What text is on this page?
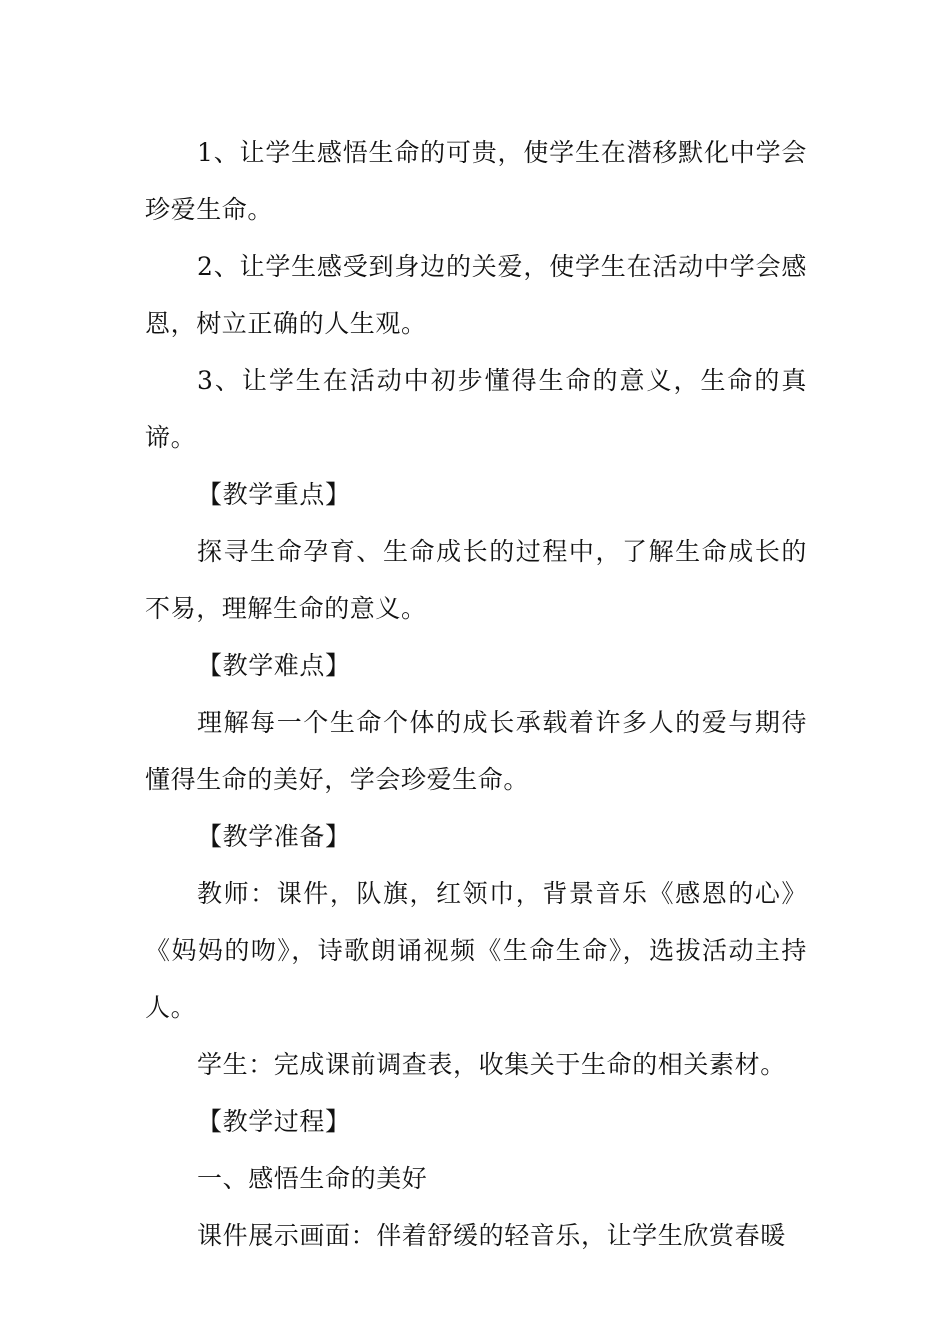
1、让学生感悟生命的可贵，使学生在潜移默化中学会珍爱生命。

2、让学生感受到身边的关爱，使学生在活动中学会感恩，树立正确的人生观。

3、让学生在活动中初步懂得生命的意义，生命的真谛。

【教学重点】

探寻生命孕育、生命成长的过程中，了解生命成长的不易，理解生命的意义。

【教学难点】

理解每一个生命个体的成长承载着许多人的爱与期待懂得生命的美好，学会珍爱生命。

【教学准备】

教师：课件，队旗，红领巾，背景音乐《感恩的心》《妈妈的吻》，诗歌朗诵视频《生命生命》，选拔活动主持人。

学生：完成课前调查表，收集关于生命的相关素材。

【教学过程】

一、感悟生命的美好

课件展示画面：伴着舒缓的轻音乐，让学生欣赏春暖
